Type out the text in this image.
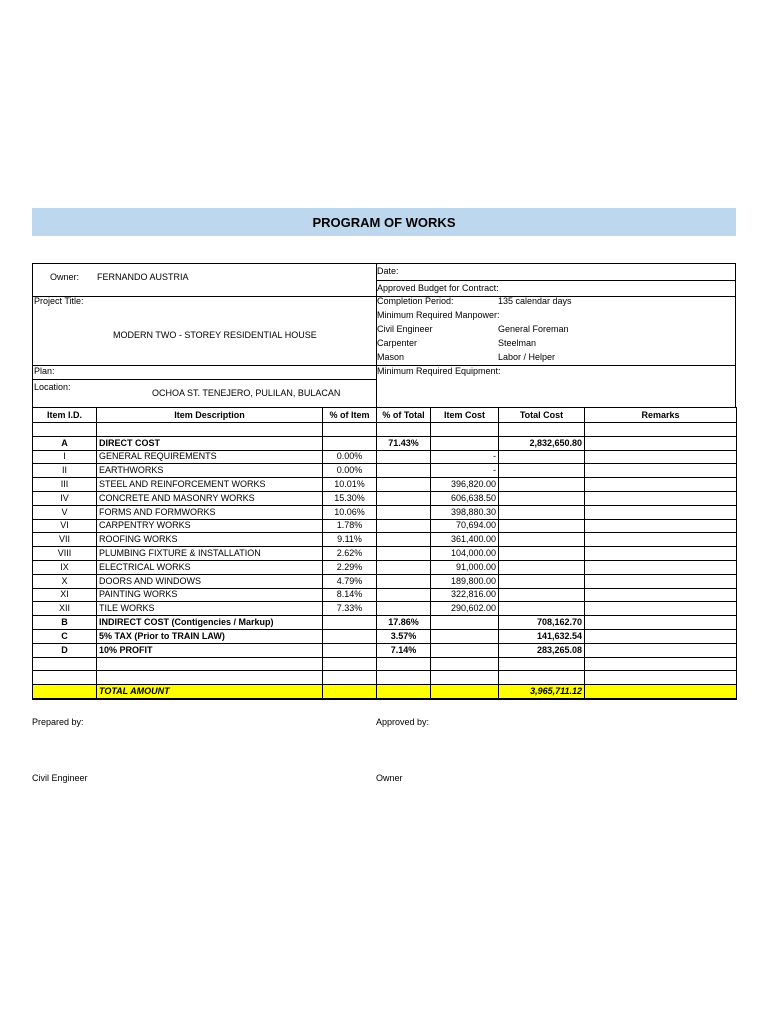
PROGRAM OF WORKS
Owner: FERNANDO AUSTRIA
Project Title:
MODERN TWO - STOREY RESIDENTIAL HOUSE
Plan:
Location:
OCHOA ST. TENEJERO, PULILAN, BULACAN
Date:
Approved Budget for Contract:
Completion Period:	135 calendar days
Minimum Required Manpower:
Civil Engineer	General Foreman
Carpenter	Steelman
Mason	Labor / Helper
Minimum Required Equipment:
Item I.D.	Item Description	% of Item	% of Total	Item Cost	Total Cost	Remarks

A	DIRECT COST		71.43%		2,832,650.80	
I	GENERAL REQUIREMENTS	0.00%		-		
II	EARTHWORKS	0.00%		-		
III	STEEL AND REINFORCEMENT WORKS	10.01%		396,820.00		
IV	CONCRETE AND MASONRY WORKS	15.30%		606,638.50		
V	FORMS AND FORMWORKS	10.06%		398,880.30		
VI	CARPENTRY WORKS	1.78%		70,694.00		
VII	ROOFING WORKS	9.11%		361,400.00		
VIII	PLUMBING FIXTURE & INSTALLATION	2.62%		104,000.00		
IX	ELECTRICAL WORKS	2.29%		91,000.00		
X	DOORS AND WINDOWS	4.79%		189,800.00		
XI	PAINTING WORKS	8.14%		322,816.00		
XII	TILE WORKS	7.33%		290,602.00		
B	INDIRECT COST (Contigencies / Markup)		17.86%		708,162.70	
C	5% TAX (Prior to TRAIN LAW)		3.57%		141,632.54	
D	10% PROFIT		7.14%		283,265.08	

	TOTAL AMOUNT				3,965,711.12	
Prepared by:	Approved by:
Civil Engineer	Owner
